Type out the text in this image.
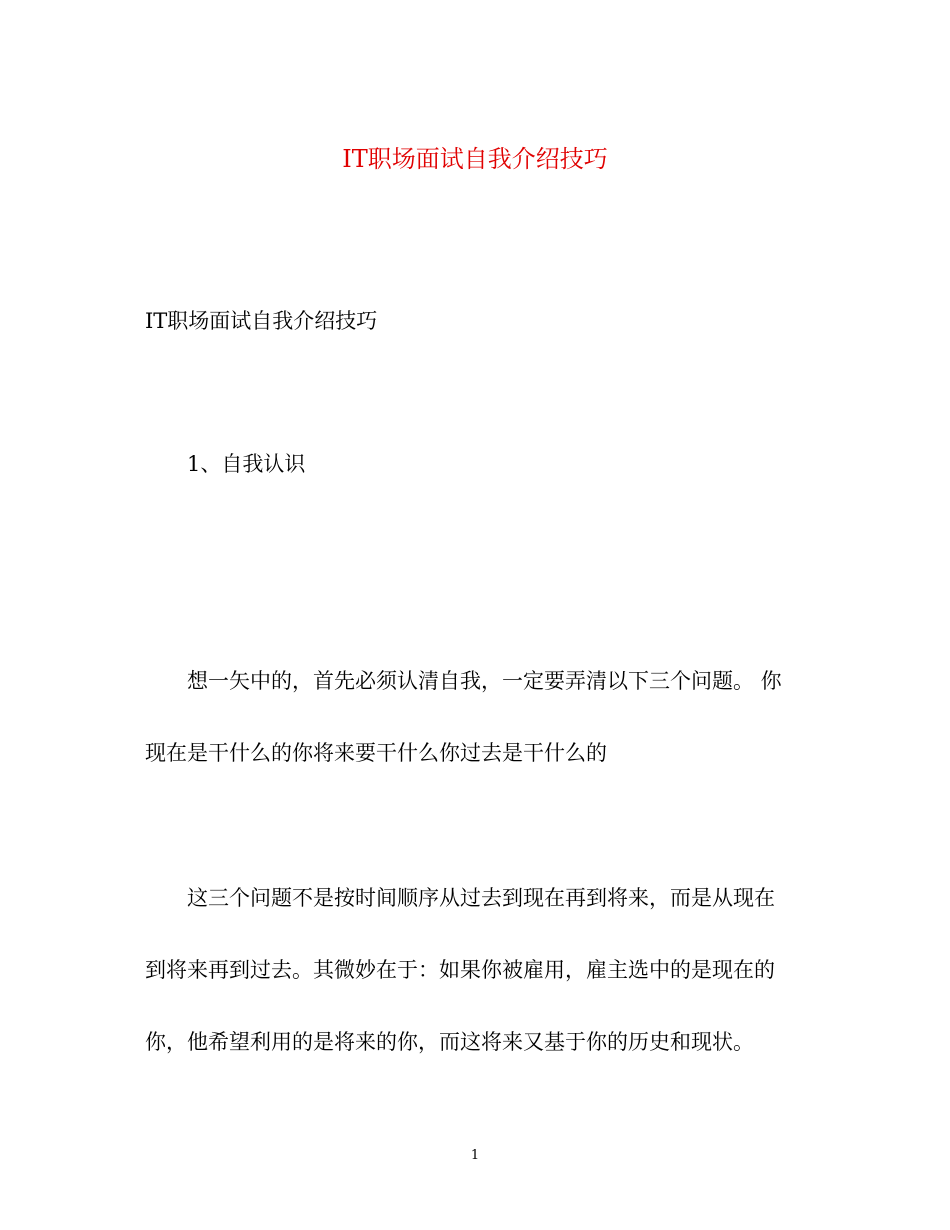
IT职场面试自我介绍技巧
IT职场面试自我介绍技巧
1、自我认识
想一矢中的，首先必须认清自我，一定要弄清以下三个问题。 你
现在是干什么的你将来要干什么你过去是干什么的
这三个问题不是按时间顺序从过去到现在再到将来，而是从现在
到将来再到过去。其微妙在于：如果你被雇用，雇主选中的是现在的
你，他希望利用的是将来的你，而这将来又基于你的历史和现状。
1
